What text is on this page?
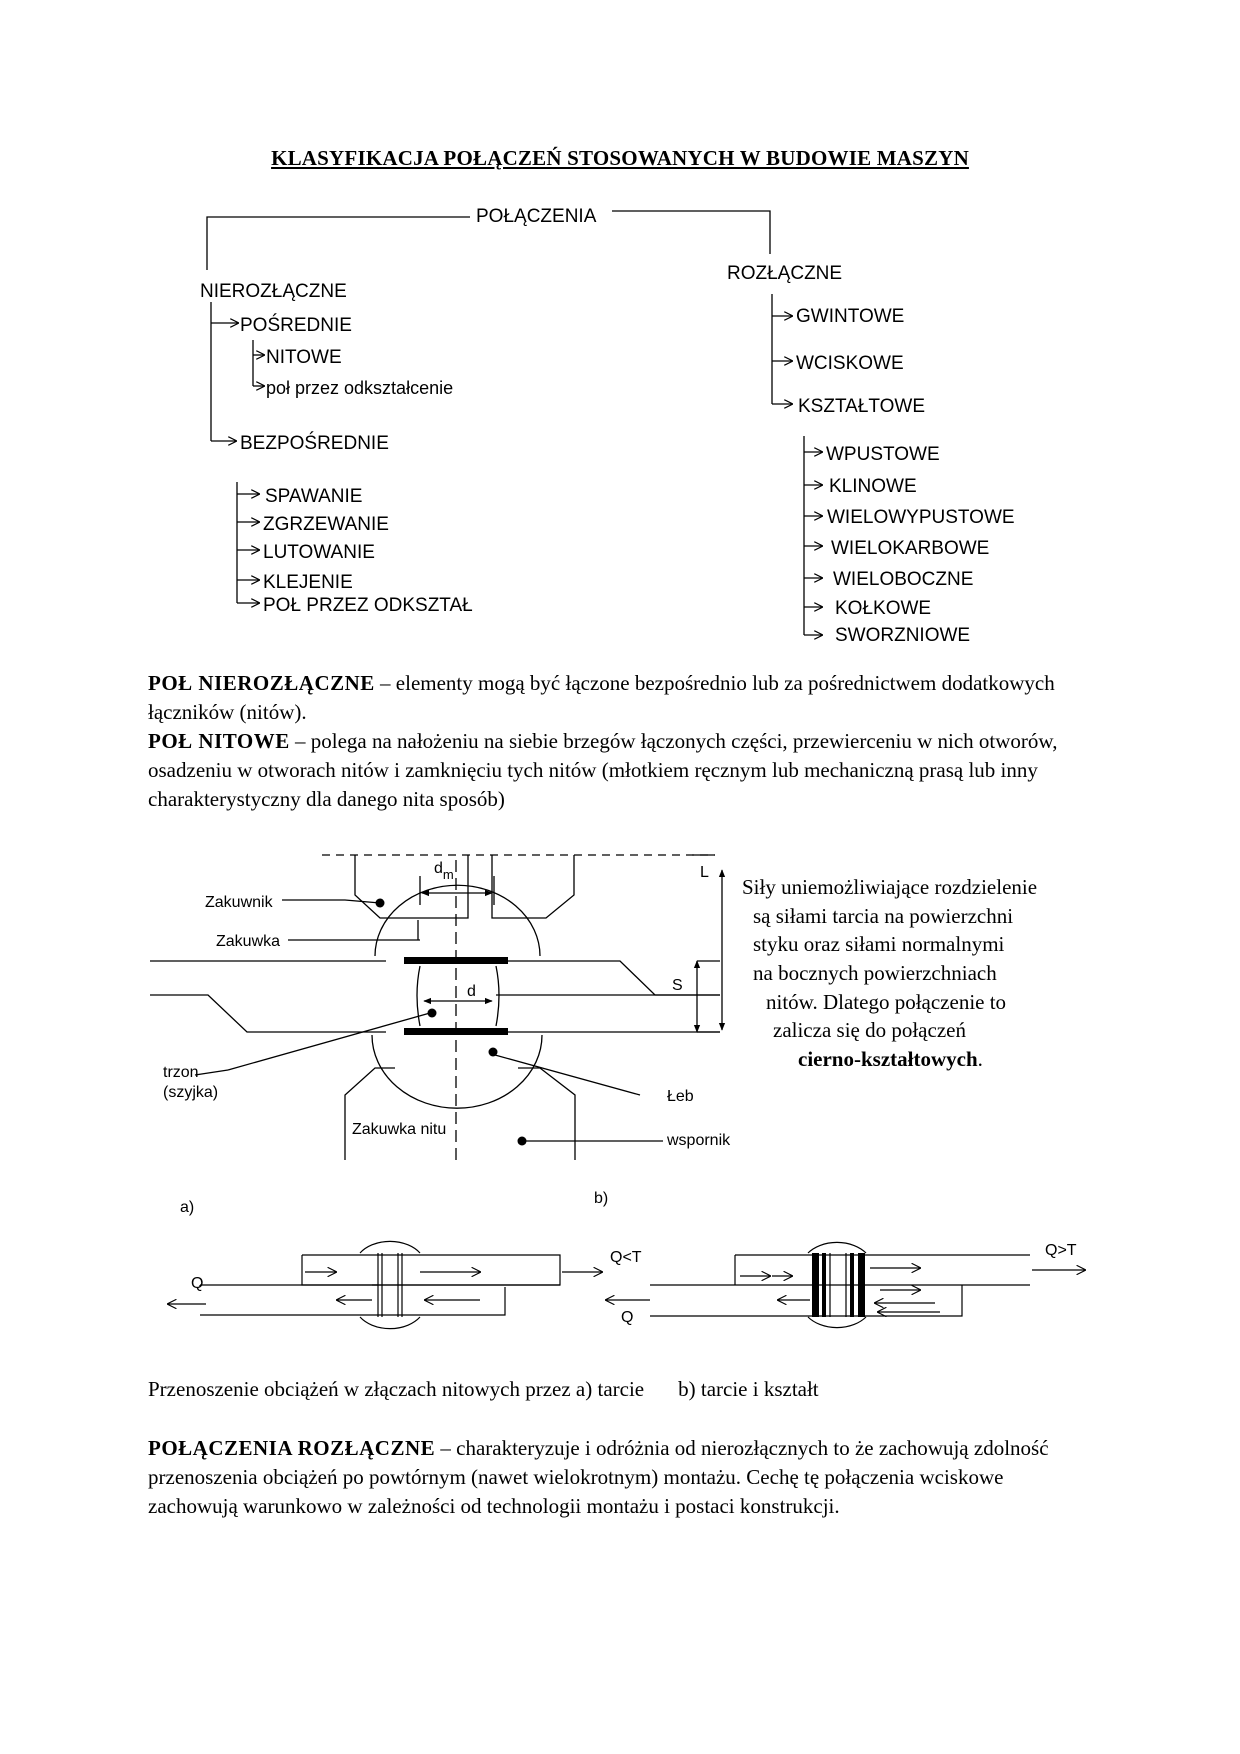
KLASYFIKACJA POŁĄCZEŃ STOSOWANYCH W BUDOWIE MASZYN
POŁĄCZENIA
NIEROZŁĄCZNE
POŚREDNIE
NITOWE
poł przez odkształcenie
BEZPOŚREDNIE
SPAWANIE
ZGRZEWANIE
LUTOWANIE
KLEJENIE
POŁ PRZEZ ODKSZTAŁ
ROZŁĄCZNE
GWINTOWE
WCISKOWE
KSZTAŁTOWE
WPUSTOWE
KLINOWE
WIELOWYPUSTOWE
WIELOKARBOWE
WIELOBOCZNE
KOŁKOWE
SWORZNIOWE
POŁ NIEROZŁĄCZNE – elementy mogą być łączone bezpośrednio lub za pośrednictwem dodatkowych łączników (nitów).
POŁ NITOWE – polega na nałożeniu na siebie brzegów łączonych części, przewierceniu w nich otworów, osadzeniu w otworach nitów i zamknięciu tych nitów (młotkiem ręcznym lub mechaniczną prasą lub inny charakterystyczny dla danego nita sposób)
Zakuwnik
Zakuwka
trzon
(szyjka)
Zakuwka nitu
Łeb
wspornik
$d_m$
d
L
S
Siły uniemożliwiające rozdzielenie
są siłami tarcia na powierzchni
styku oraz siłami normalnymi
na bocznych powierzchniach
nitów. Dlatego połączenie to
zalicza się do połączeń
cierno-kształtowych.
a)
b)
Q
Q<T
Q
Q>T
Przenoszenie obciążeń w złączach nitowych przez a) tarcie b) tarcie i kształt
POŁĄCZENIA ROZŁĄCZNE – charakteryzuje i odróżnia od nierozłącznych to że zachowują zdolność przenoszenia obciążeń po powtórnym (nawet wielokrotnym) montażu. Cechę tę połączenia wciskowe zachowują warunkowo w zależności od technologii montażu i postaci konstrukcji.
